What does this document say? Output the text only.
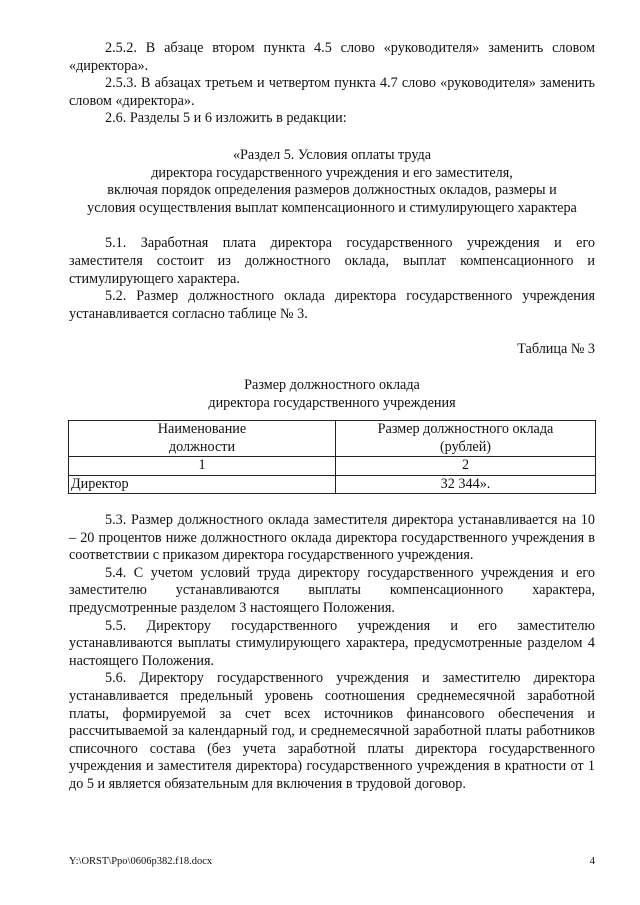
2.5.2. В абзаце втором пункта 4.5 слово «руководителя» заменить словом «директора».

2.5.3. В абзацах третьем и четвертом пункта 4.7 слово «руководителя» заменить словом «директора».

2.6. Разделы 5 и 6 изложить в редакции:

«Раздел 5. Условия оплаты труда

директора государственного учреждения и его заместителя,

включая порядок определения размеров должностных окладов, размеры и

условия осуществления выплат компенсационного и стимулирующего характера

5.1. Заработная плата директора государственного учреждения и его заместителя состоит из должностного оклада, выплат компенсационного и стимулирующего характера.

5.2. Размер должностного оклада директора государственного учреждения устанавливается согласно таблице № 3.

Таблица № 3

Размер должностного оклада

директора государственного учреждения

Наименование
должности	Размер должностного оклада
(рублей)
1	2
Директор	32 344».

5.3. Размер должностного оклада заместителя директора устанавливается на 10 – 20 процентов ниже должностного оклада директора государственного учреждения в соответствии с приказом директора государственного учреждения.

5.4. С учетом условий труда директору государственного учреждения и его заместителю устанавливаются выплаты компенсационного характера, предусмотренные разделом 3 настоящего Положения.

5.5. Директору государственного учреждения и его заместителю устанавливаются выплаты стимулирующего характера, предусмотренные разделом 4 настоящего Положения.

5.6. Директору государственного учреждения и заместителю директора устанавливается предельный уровень соотношения среднемесячной заработной платы, формируемой за счет всех источников финансового обеспечения и рассчитываемой за календарный год, и среднемесячной заработной платы работников списочного состава (без учета заработной платы директора государственного учреждения и заместителя директора) государственного учреждения в кратности от 1 до 5 и является обязательным для включения в трудовой договор.

Y:\ORST\Ppo\0606p382.f18.docx	4
